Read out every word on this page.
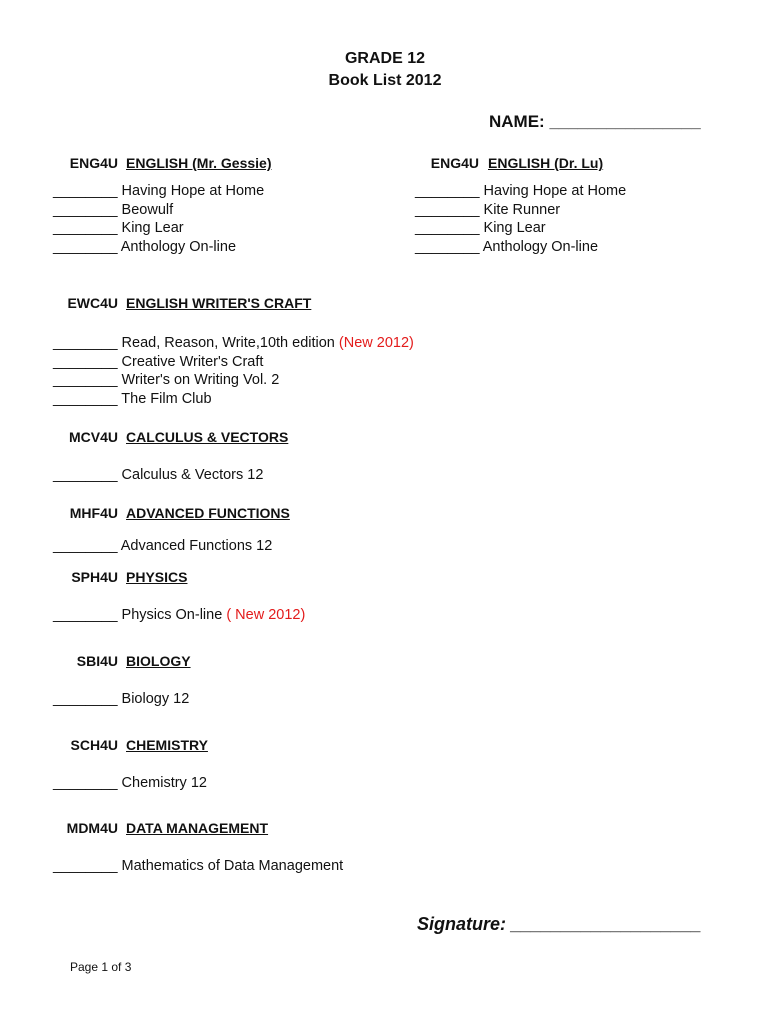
GRADE 12
Book List 2012
NAME: ________________
ENG4U ENGLISH (Mr. Gessie)
________ Having Hope at Home
________ Beowulf
________ King Lear
________ Anthology On-line
ENG4U ENGLISH (Dr. Lu)
________ Having Hope at Home
________ Kite Runner
________ King Lear
________ Anthology On-line
EWC4U ENGLISH WRITER'S CRAFT
________ Read, Reason, Write,10th edition (New 2012)
________ Creative Writer's Craft
________ Writer's on Writing Vol. 2
________ The Film Club
MCV4U CALCULUS & VECTORS
________ Calculus & Vectors 12
MHF4U ADVANCED FUNCTIONS
________ Advanced Functions 12
SPH4U PHYSICS
________ Physics On-line ( New 2012)
SBI4U BIOLOGY
________ Biology 12
SCH4U CHEMISTRY
________ Chemistry 12
MDM4U DATA MANAGEMENT
________ Mathematics of Data Management
Signature: ___________________
Page 1 of 3
